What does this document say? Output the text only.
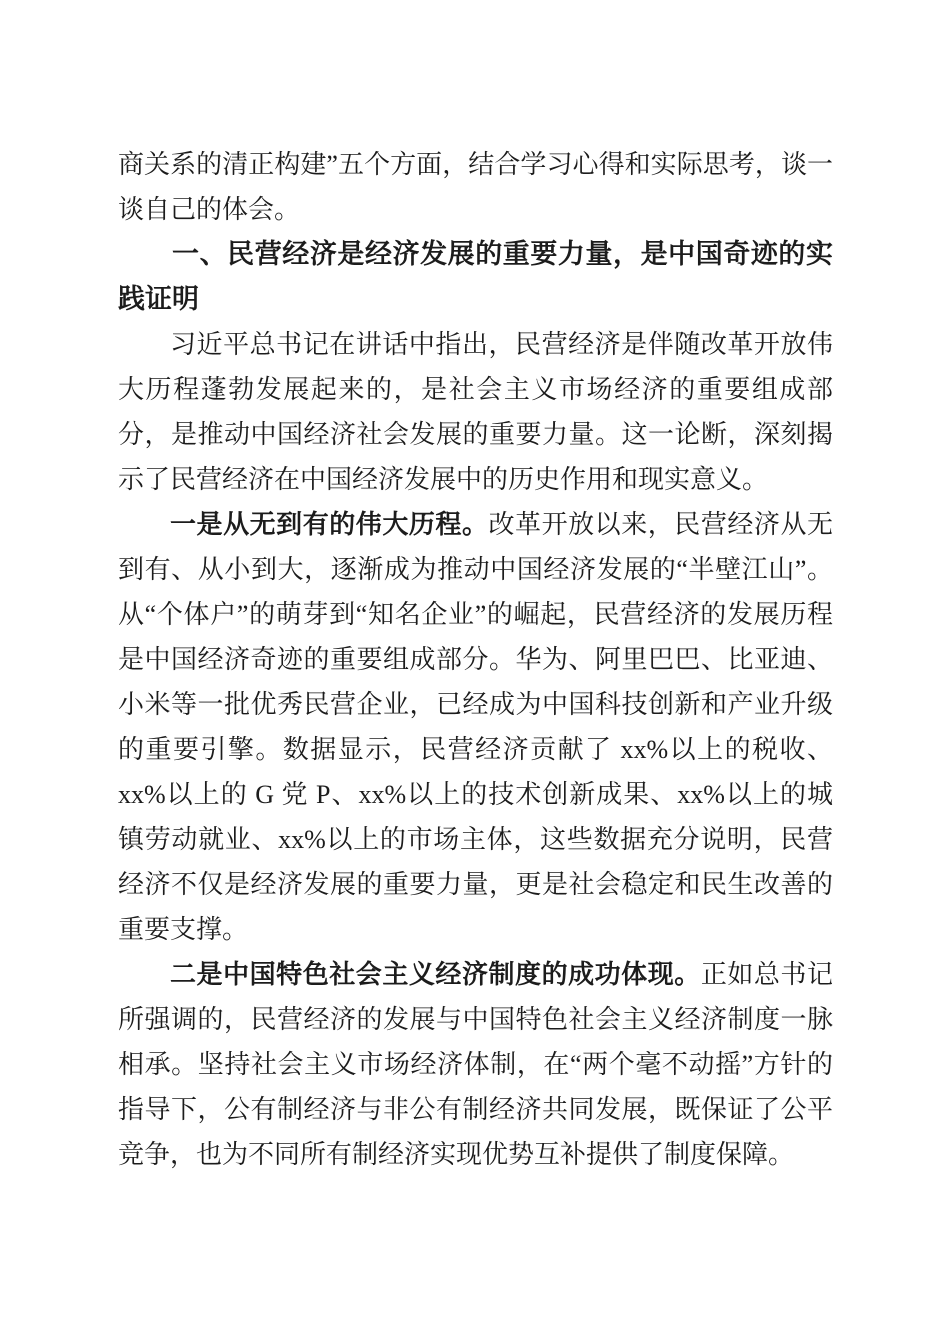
商关系的清正构建”五个方面，结合学习心得和实际思考，谈一谈自己的体会。

一、民营经济是经济发展的重要力量，是中国奇迹的实践证明

习近平总书记在讲话中指出，民营经济是伴随改革开放伟大历程蓬勃发展起来的，是社会主义市场经济的重要组成部分，是推动中国经济社会发展的重要力量。这一论断，深刻揭示了民营经济在中国经济发展中的历史作用和现实意义。

一是从无到有的伟大历程。改革开放以来，民营经济从无到有、从小到大，逐渐成为推动中国经济发展的“半壁江山”。从“个体户”的萌芽到“知名企业”的崛起，民营经济的发展历程是中国经济奇迹的重要组成部分。华为、阿里巴巴、比亚迪、小米等一批优秀民营企业，已经成为中国科技创新和产业升级的重要引擎。数据显示，民营经济贡献了 xx%以上的税收、xx%以上的 G 党 P、xx%以上的技术创新成果、xx%以上的城镇劳动就业、xx%以上的市场主体，这些数据充分说明，民营经济不仅是经济发展的重要力量，更是社会稳定和民生改善的重要支撑。

二是中国特色社会主义经济制度的成功体现。正如总书记所强调的，民营经济的发展与中国特色社会主义经济制度一脉相承。坚持社会主义市场经济体制，在“两个毫不动摇”方针的指导下，公有制经济与非公有制经济共同发展，既保证了公平竞争，也为不同所有制经济实现优势互补提供了制度保障。
